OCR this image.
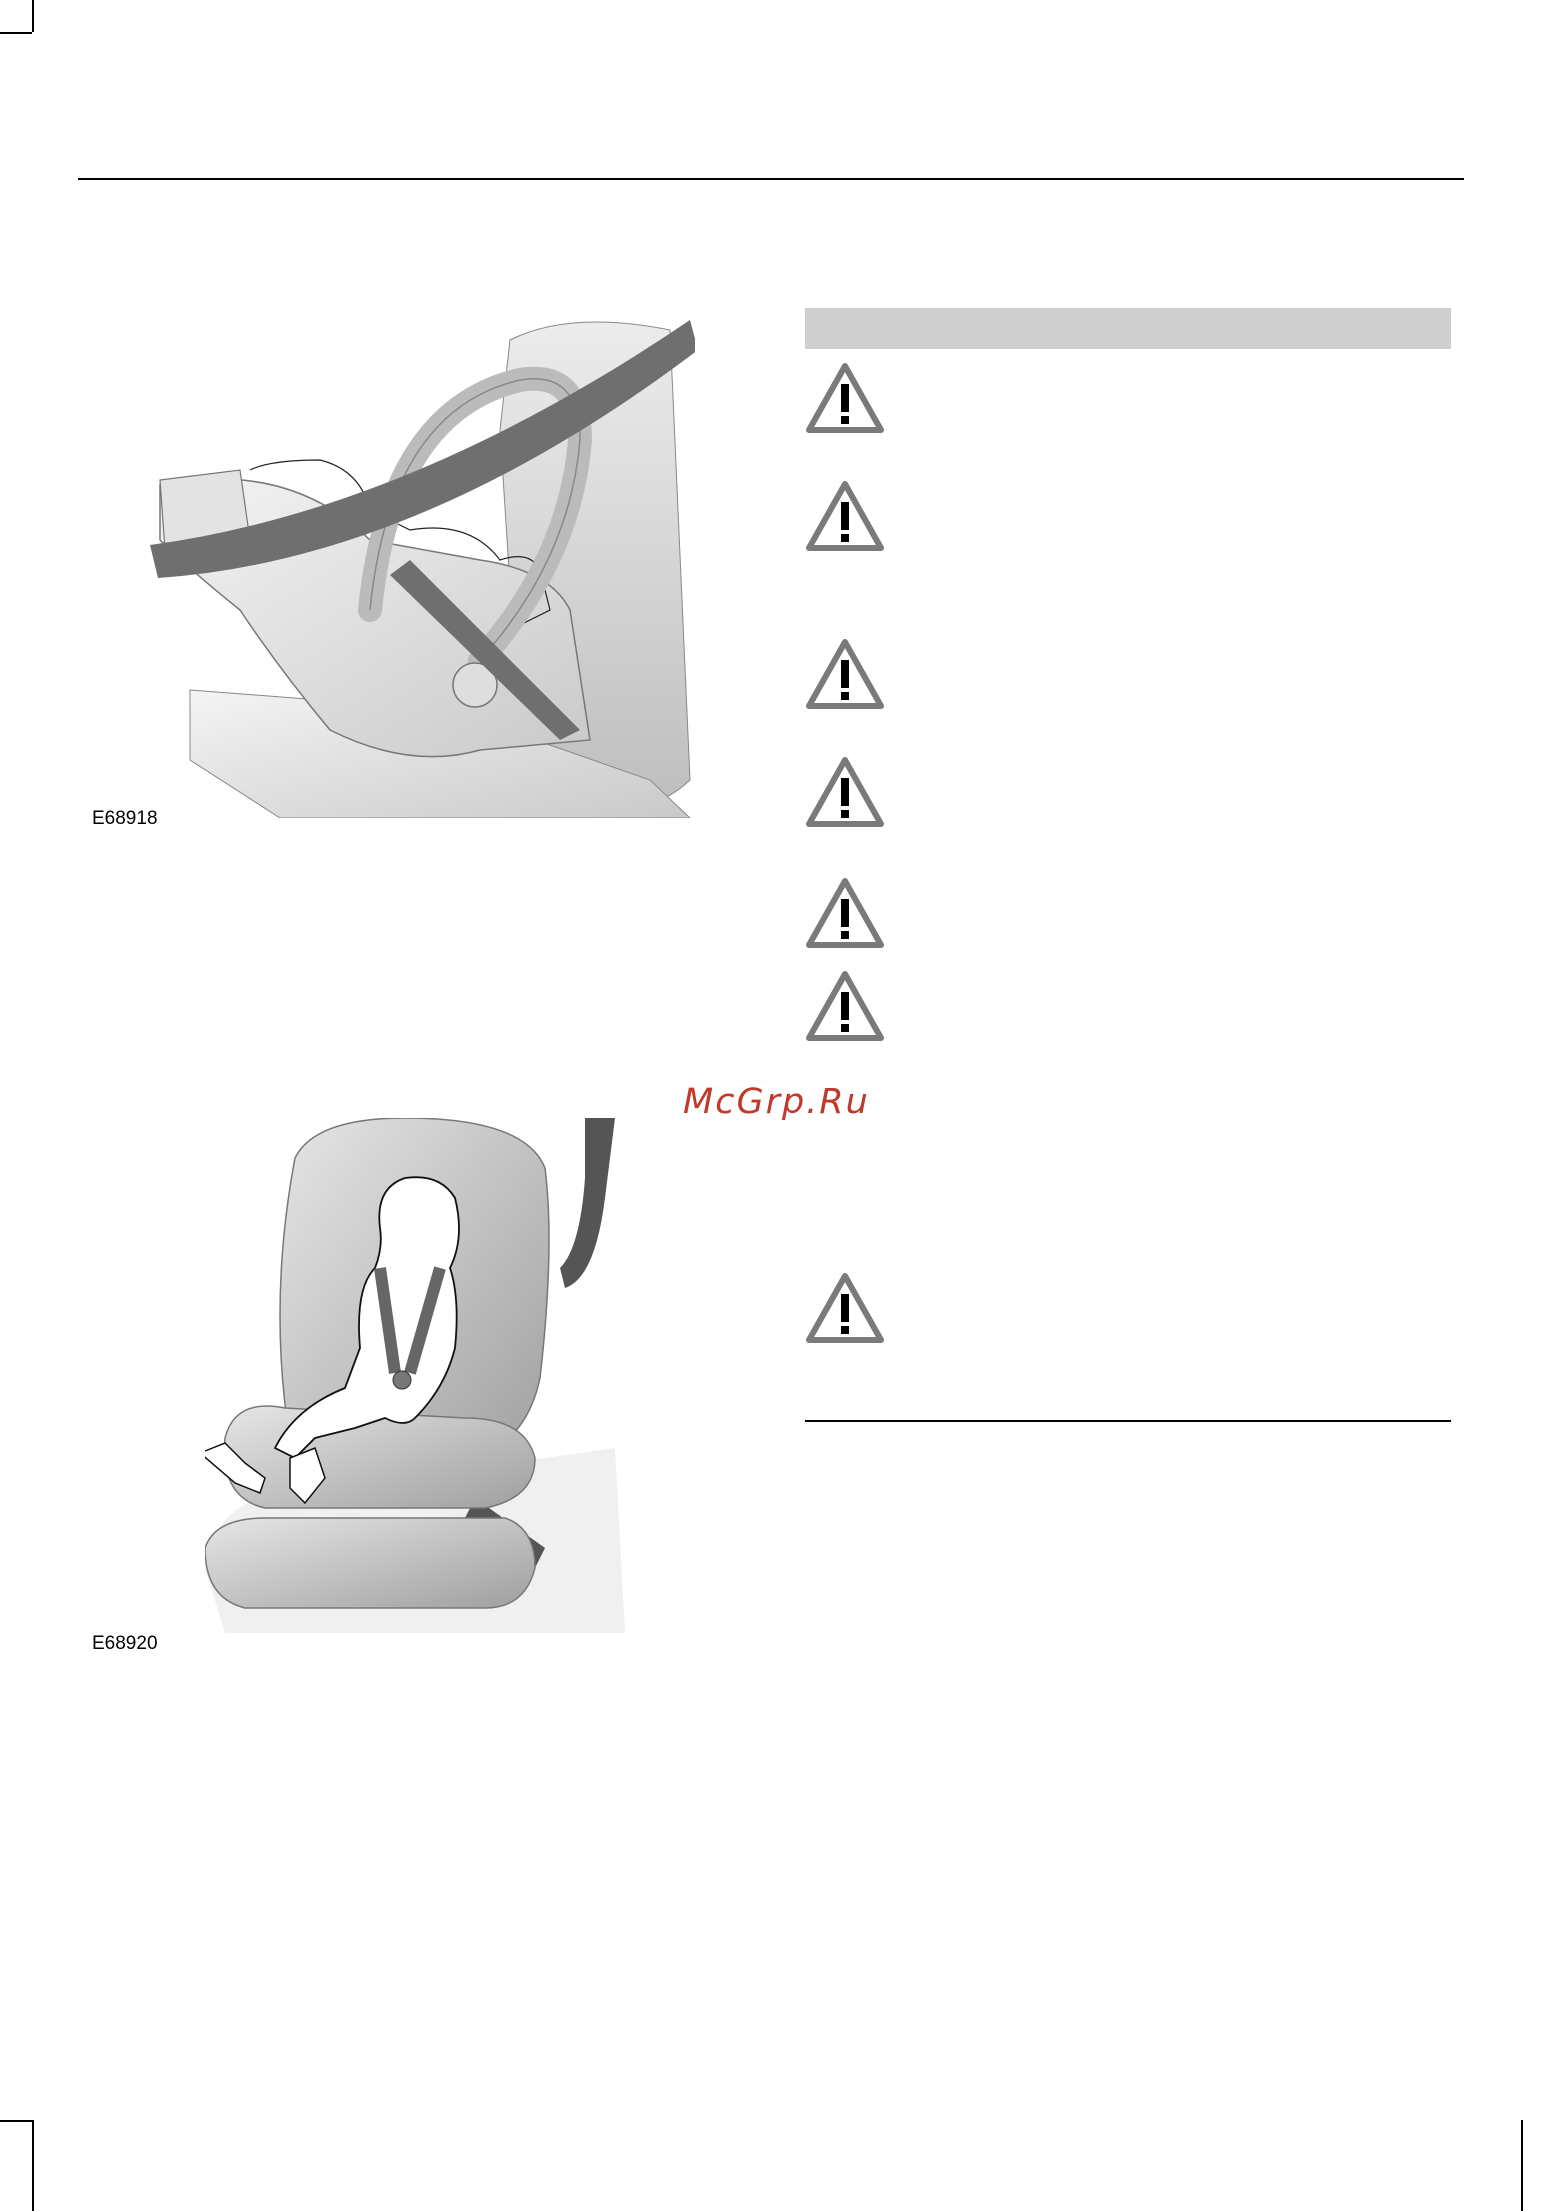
E68918
E68920
McGrp.Ru
